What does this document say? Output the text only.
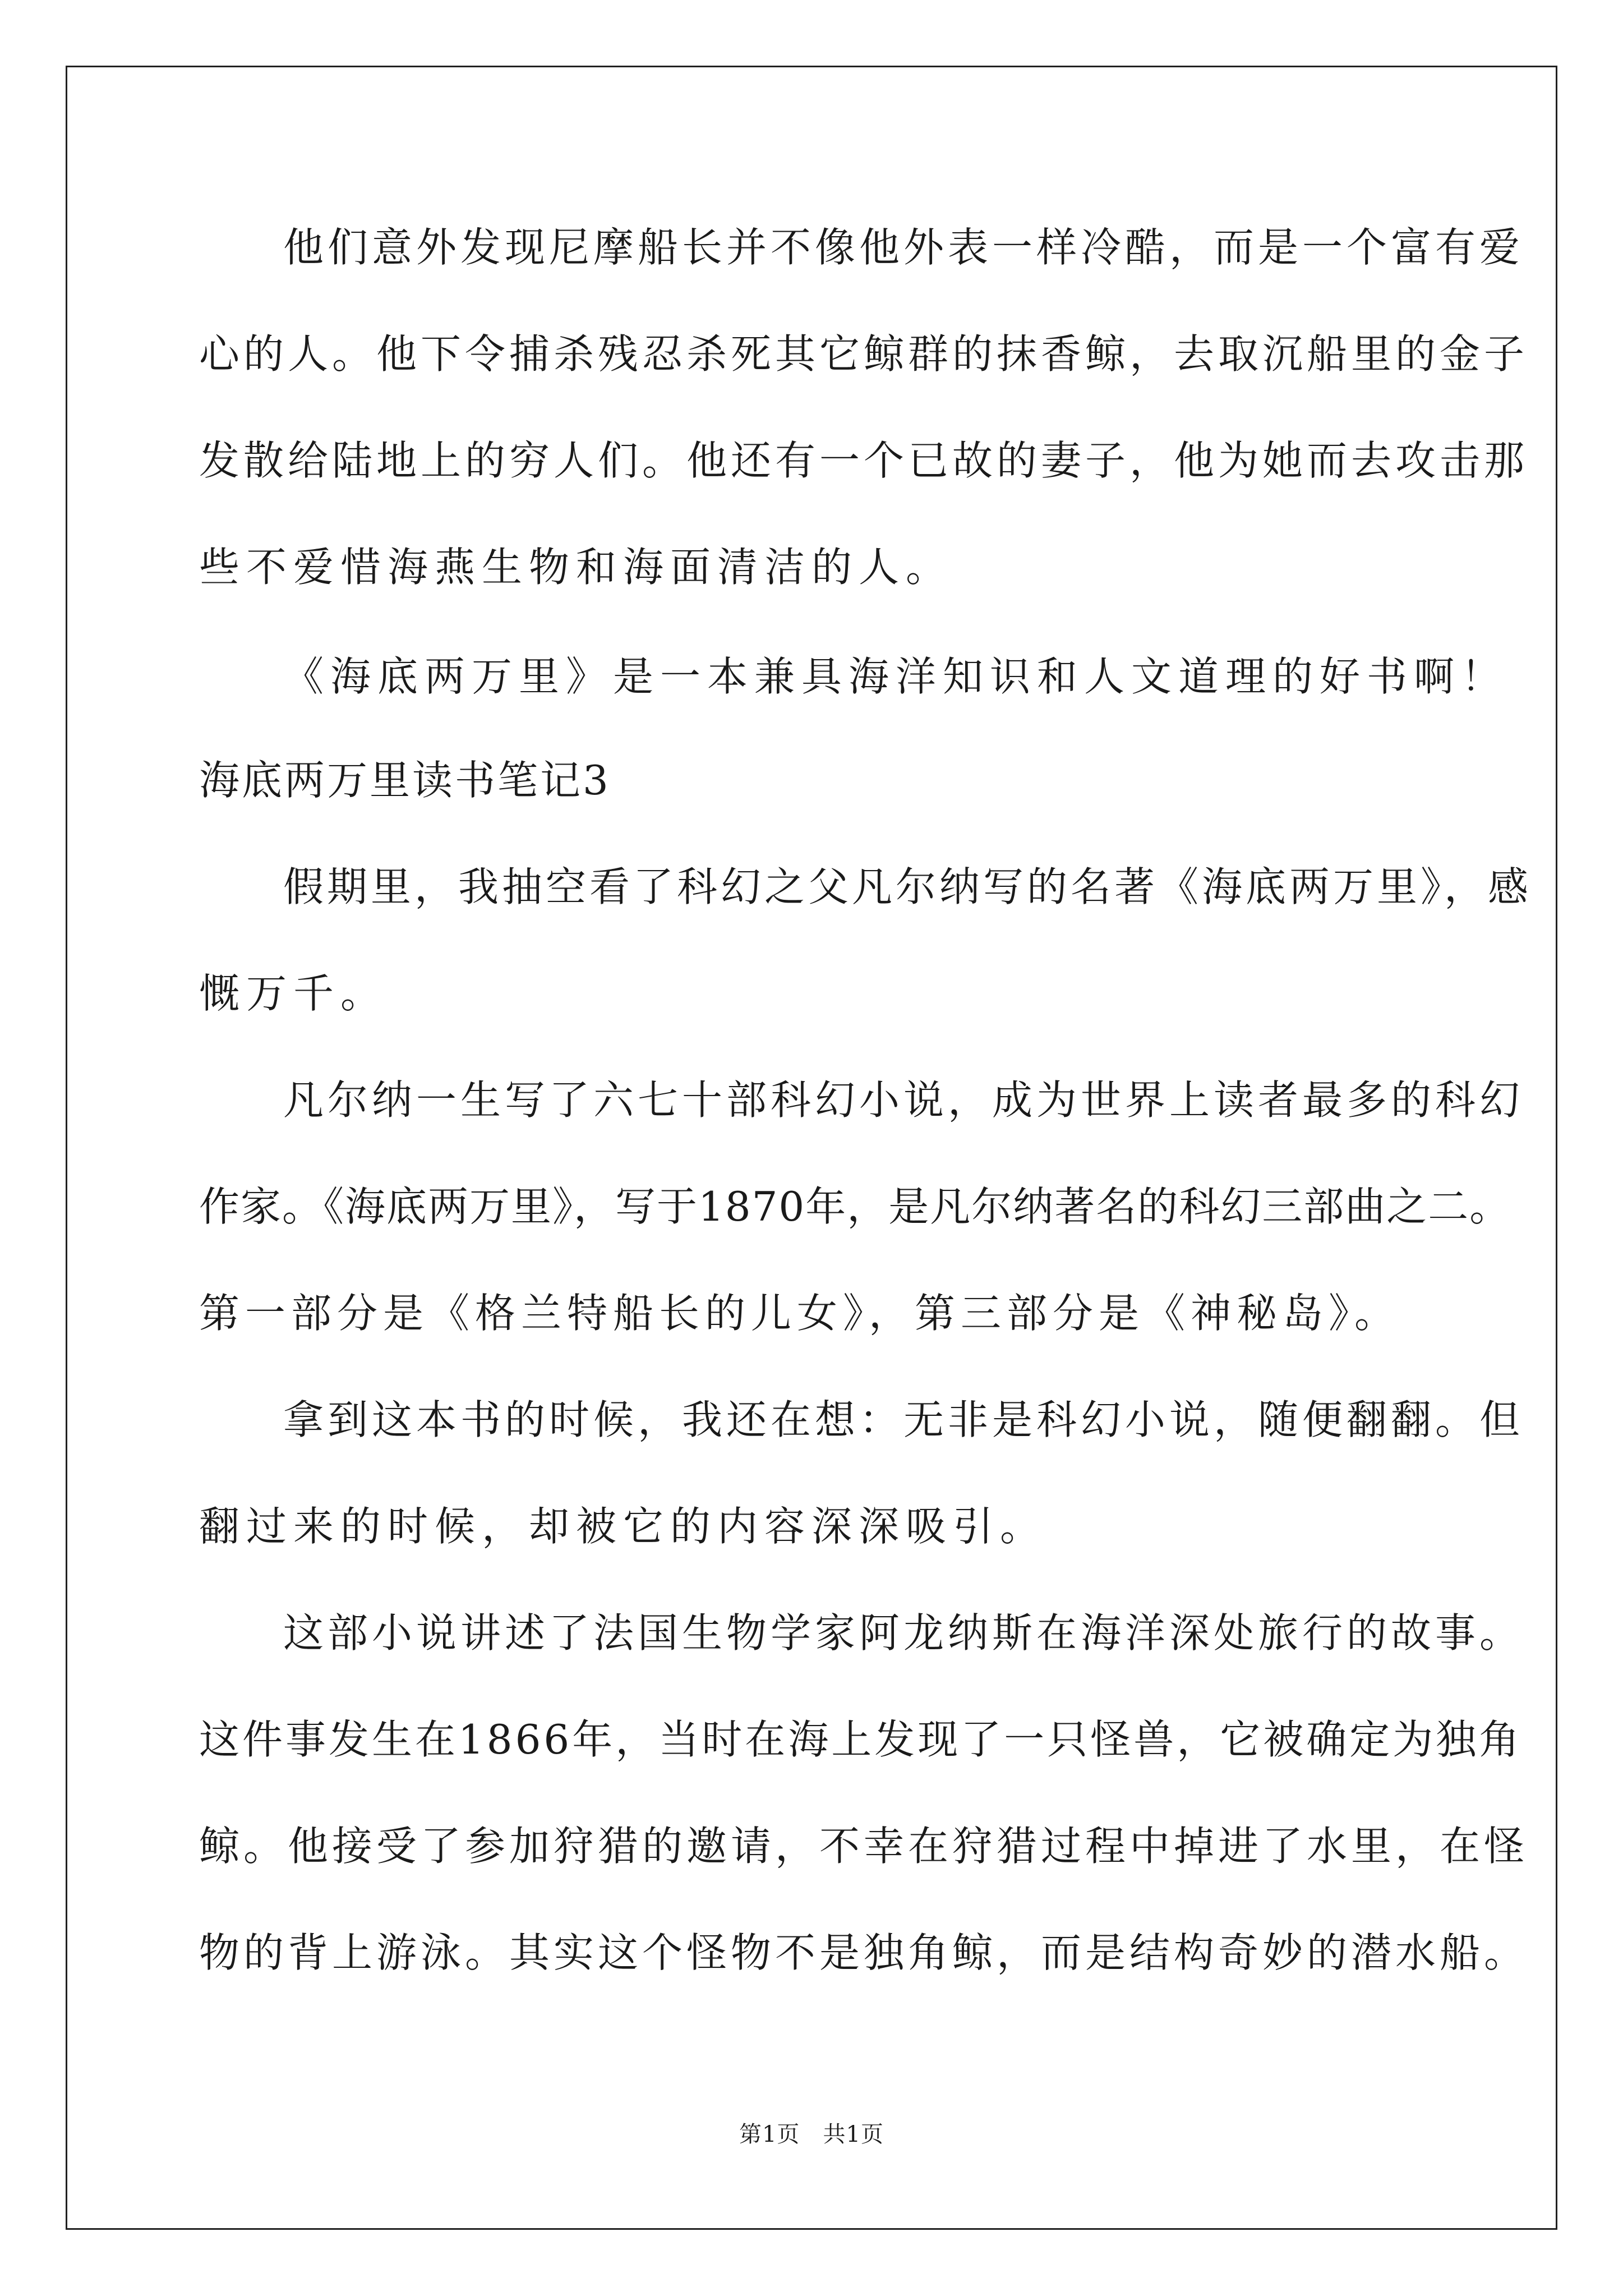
他们意外发现尼摩船长并不像他外表一样冷酷，而是一个富有爱
心的人。他下令捕杀残忍杀死其它鲸群的抹香鲸，去取沉船里的金子
发散给陆地上的穷人们。他还有一个已故的妻子，他为她而去攻击那
些不爱惜海燕生物和海面清洁的人。
《海底两万里》是一本兼具海洋知识和人文道理的好书啊！
海底两万里读书笔记3
假期里，我抽空看了科幻之父凡尔纳写的名著《海底两万里》，感
慨万千。
凡尔纳一生写了六七十部科幻小说，成为世界上读者最多的科幻
作家。《海底两万里》，写于1870年，是凡尔纳著名的科幻三部曲之二。
第一部分是《格兰特船长的儿女》，第三部分是《神秘岛》。
拿到这本书的时候，我还在想：无非是科幻小说，随便翻翻。但
翻过来的时候，却被它的内容深深吸引。
这部小说讲述了法国生物学家阿龙纳斯在海洋深处旅行的故事。
这件事发生在1866年，当时在海上发现了一只怪兽，它被确定为独角
鲸。他接受了参加狩猎的邀请，不幸在狩猎过程中掉进了水里，在怪
物的背上游泳。其实这个怪物不是独角鲸，而是结构奇妙的潜水船。
第1页   共1页
